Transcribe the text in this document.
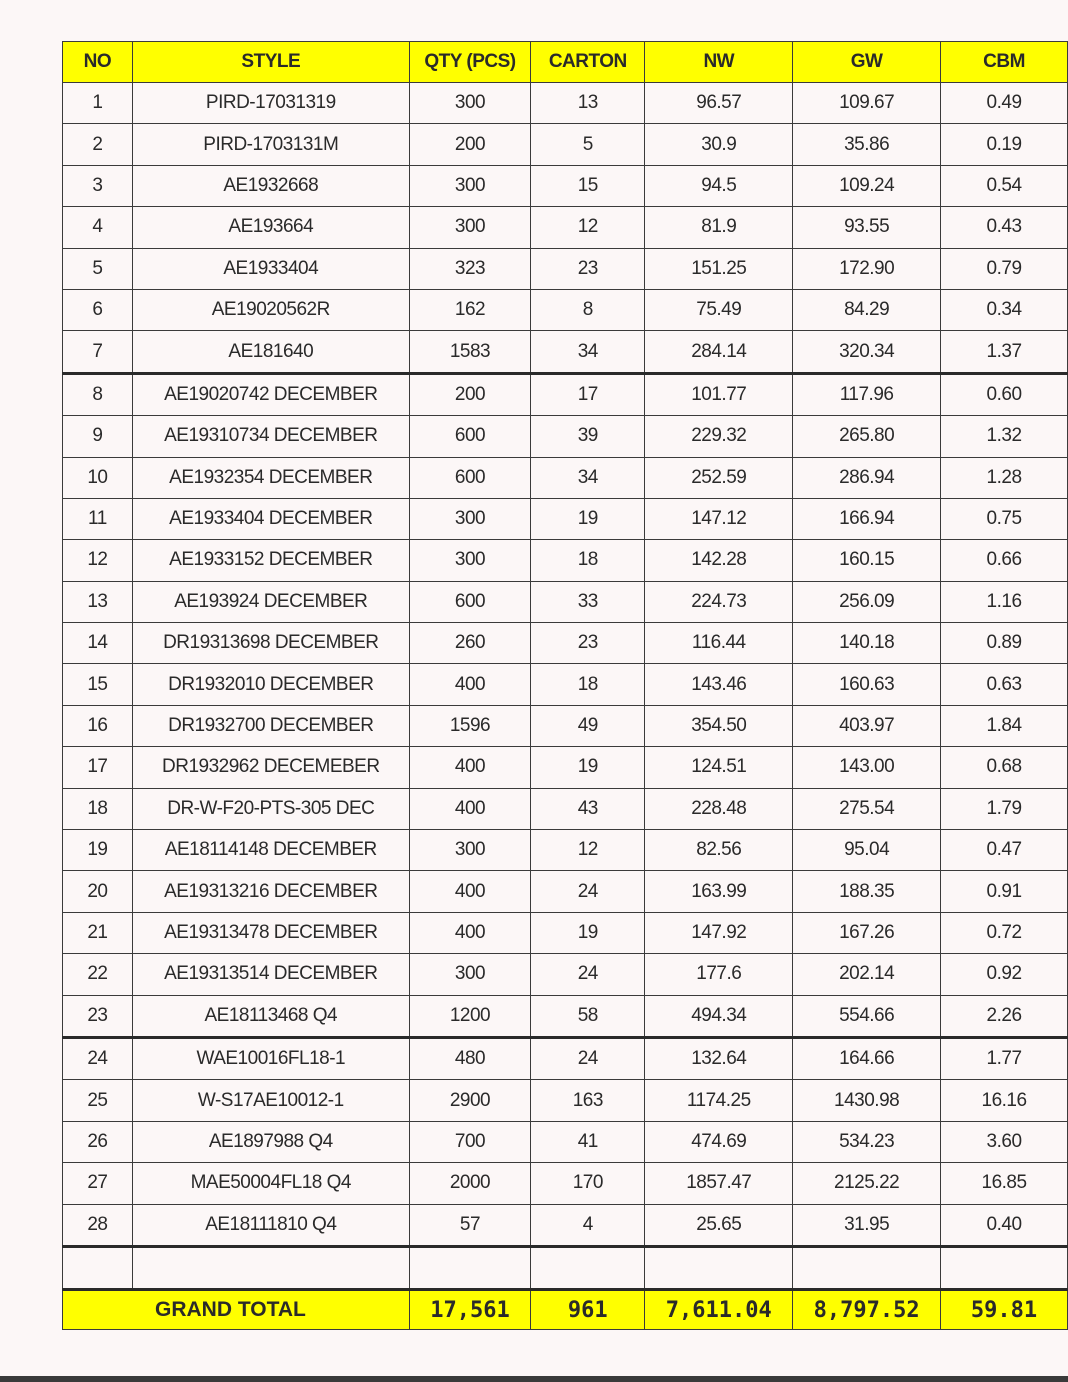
NO	STYLE	QTY (PCS)	CARTON	NW	GW	CBM
1	PIRD-17031319	300	13	96.57	109.67	0.49
2	PIRD-1703131M	200	5	30.9	35.86	0.19
3	AE1932668	300	15	94.5	109.24	0.54
4	AE193664	300	12	81.9	93.55	0.43
5	AE1933404	323	23	151.25	172.90	0.79
6	AE19020562R	162	8	75.49	84.29	0.34
7	AE181640	1583	34	284.14	320.34	1.37
8	AE19020742 DECEMBER	200	17	101.77	117.96	0.60
9	AE19310734 DECEMBER	600	39	229.32	265.80	1.32
10	AE1932354 DECEMBER	600	34	252.59	286.94	1.28
11	AE1933404 DECEMBER	300	19	147.12	166.94	0.75
12	AE1933152 DECEMBER	300	18	142.28	160.15	0.66
13	AE193924 DECEMBER	600	33	224.73	256.09	1.16
14	DR19313698 DECEMBER	260	23	116.44	140.18	0.89
15	DR1932010 DECEMBER	400	18	143.46	160.63	0.63
16	DR1932700 DECEMBER	1596	49	354.50	403.97	1.84
17	DR1932962 DECEMEBER	400	19	124.51	143.00	0.68
18	DR-W-F20-PTS-305 DEC	400	43	228.48	275.54	1.79
19	AE18114148 DECEMBER	300	12	82.56	95.04	0.47
20	AE19313216 DECEMBER	400	24	163.99	188.35	0.91
21	AE19313478 DECEMBER	400	19	147.92	167.26	0.72
22	AE19313514 DECEMBER	300	24	177.6	202.14	0.92
23	AE18113468 Q4	1200	58	494.34	554.66	2.26
24	WAE10016FL18-1	480	24	132.64	164.66	1.77
25	W-S17AE10012-1	2900	163	1174.25	1430.98	16.16
26	AE1897988 Q4	700	41	474.69	534.23	3.60
27	MAE50004FL18 Q4	2000	170	1857.47	2125.22	16.85
28	AE18111810 Q4	57	4	25.65	31.95	0.40

GRAND TOTAL		17,561	961	7,611.04	8,797.52	59.81
